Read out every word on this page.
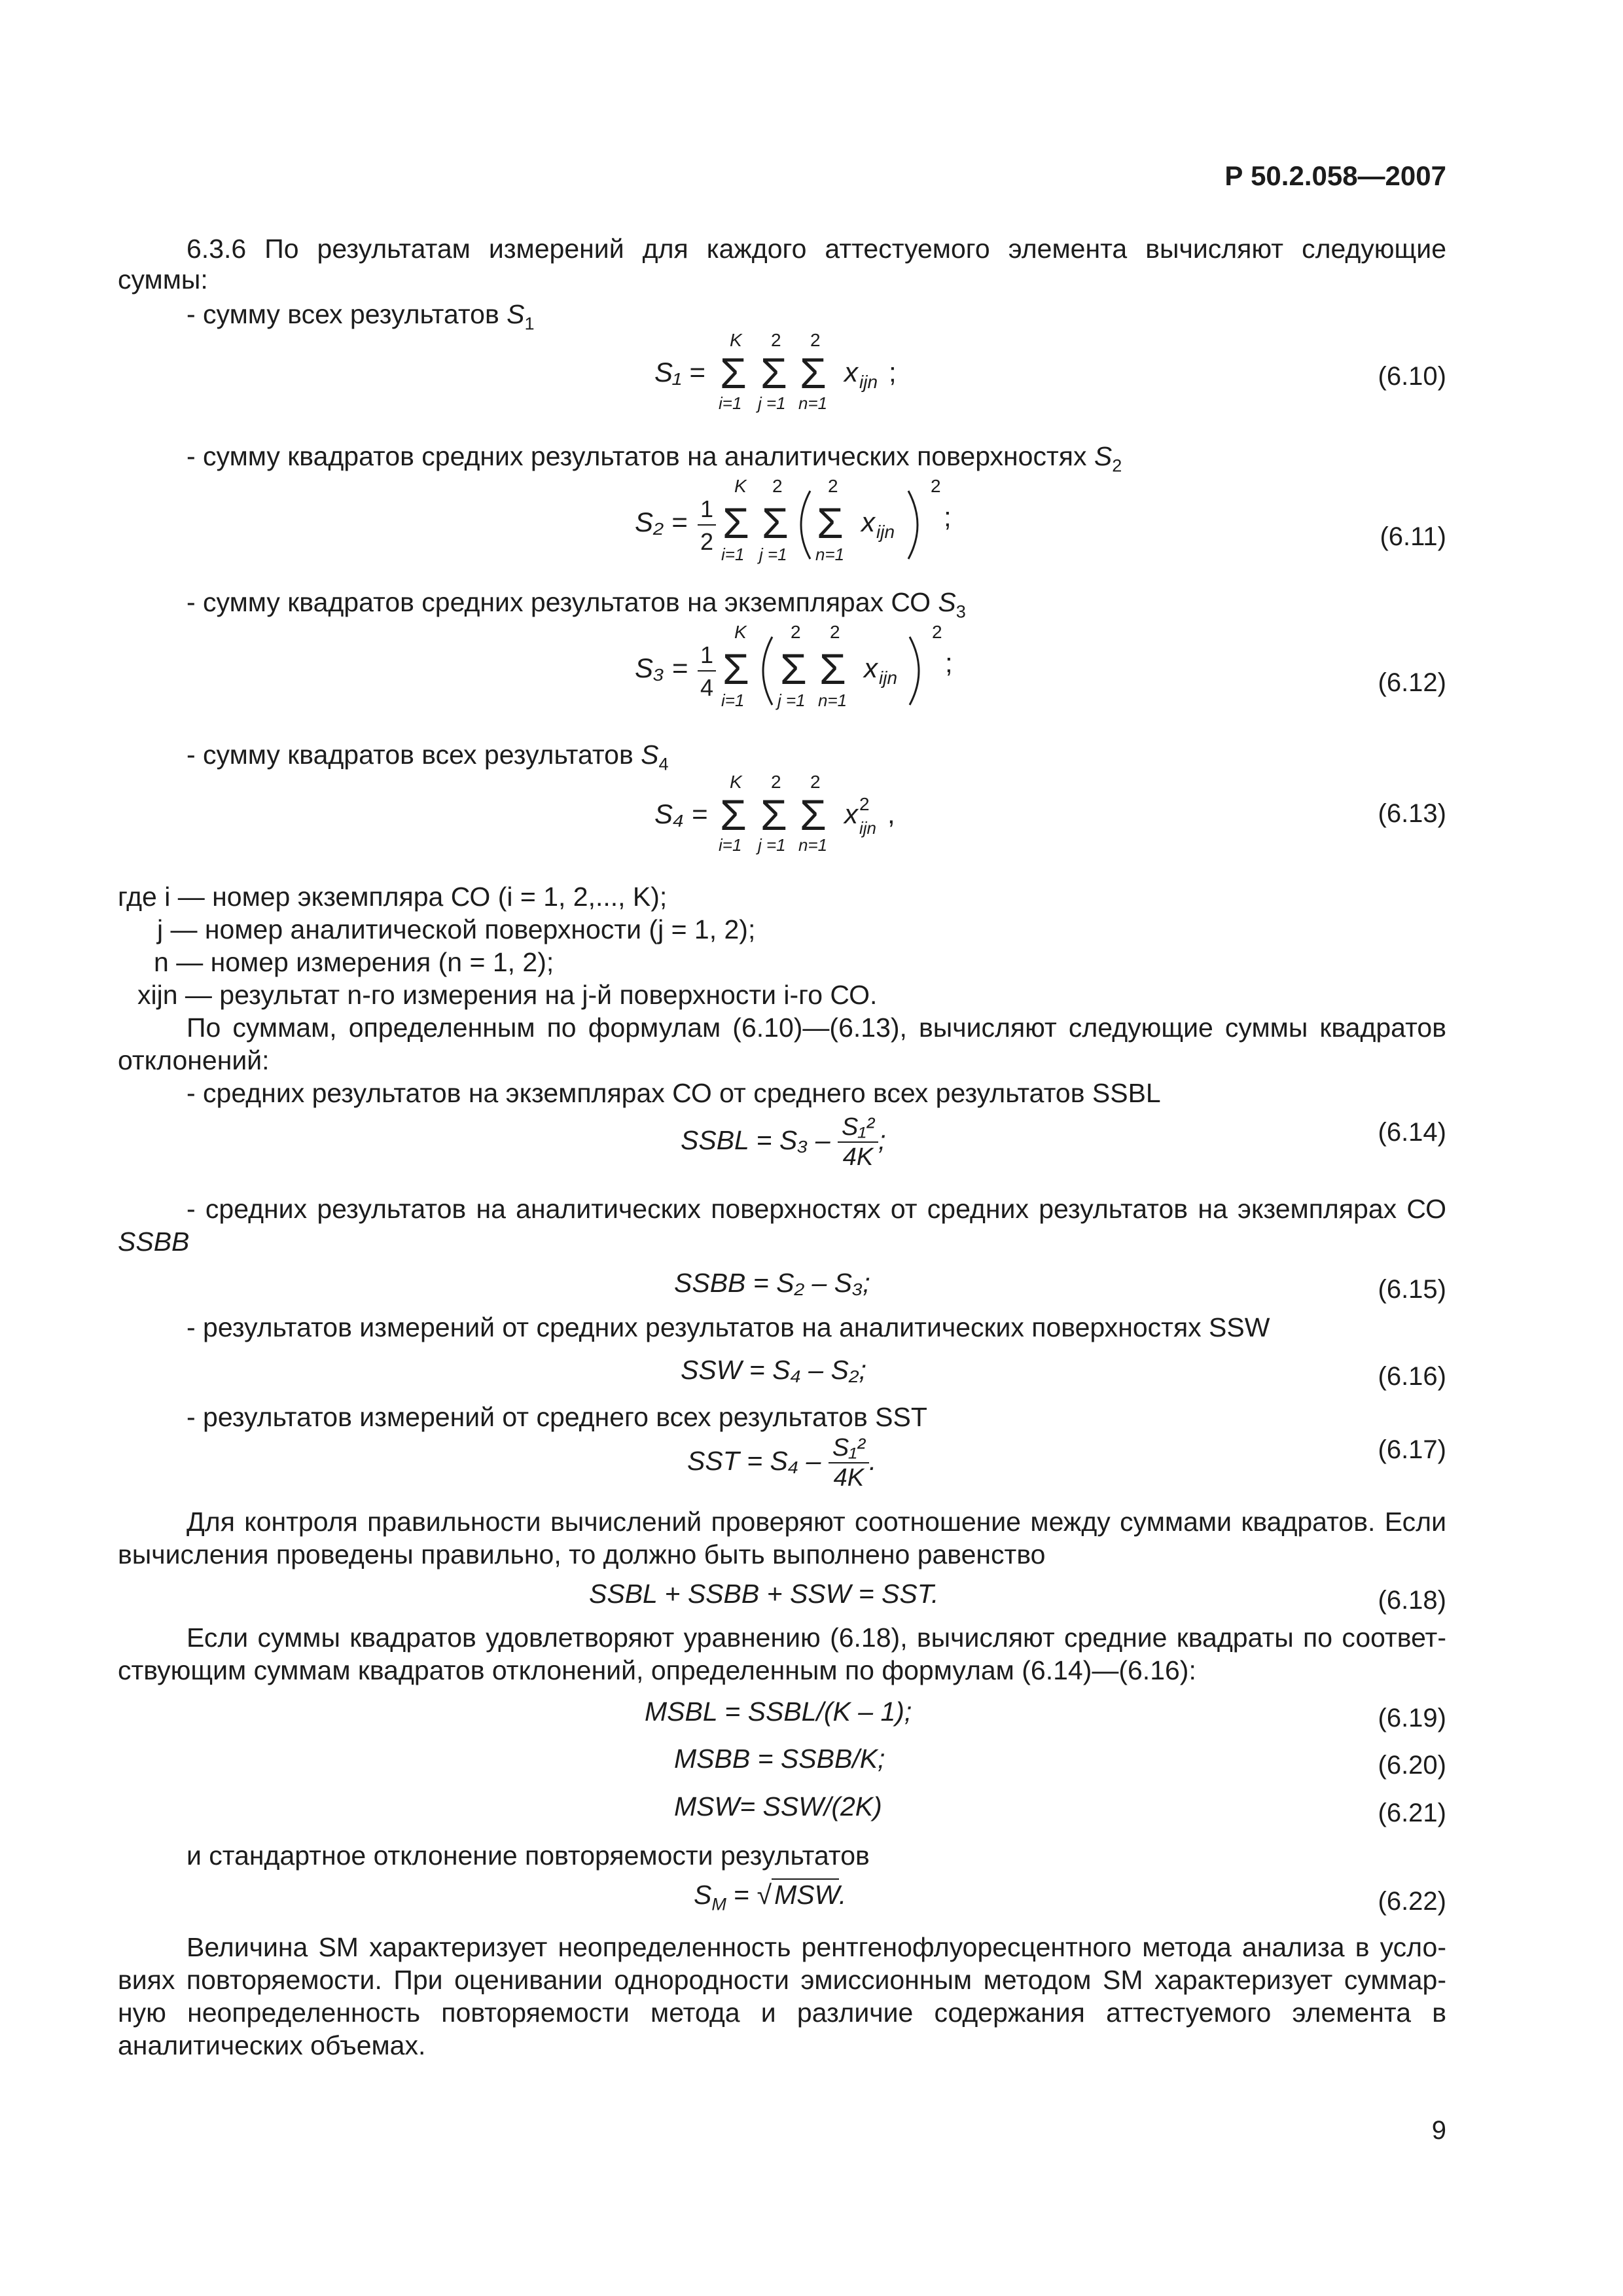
Р 50.2.058—2007
6.3.6 По результатам измерений для каждого аттестуемого элемента вычисляют следующие
суммы:
- сумму всех результатов $S_1$
S₁ =
K
Σ
i=1
2
Σ
j =1
2
Σ
n=1
x ijn ;	(6.10)
- сумму квадратов средних результатов на аналитических поверхностях $S_2$
S₂ = 1
2
K
Σ
i=1
2
Σ
j =1
2
Σ
n=1
x ijn
2
;
(6.11)
- сумму квадратов средних результатов на экземплярах СО $S_3$
S₃ = 1
4
K
Σ
i=1
2
Σ
j =1
2
Σ
n=1
x ijn
2
;
(6.12)
- сумму квадратов всех результатов $S_4$
S₄ =
K
Σ
i=1
2
Σ
j =1
2
Σ
n=1
x 2
ijn ,	(6.13)
где i — номер экземпляра СО (i = 1, 2,..., K);
j — номер аналитической поверхности (j = 1, 2);
n — номер измерения (n = 1, 2);
xijn — результат n-го измерения на j-й поверхности i-го СО.
По суммам, определенным по формулам (6.10)—(6.13), вычисляют следующие суммы квадратов
отклонений:
- средних результатов на экземплярах СО от среднего всех результатов SSBL
SSBL = $S_3 - \frac{\text{S₁²}}{4K}$ ;	(6.14)
- средних результатов на аналитических поверхностях от средних результатов на экземплярах СО
SSBB
SSBB = S₂ – S₃;	(6.15)
- результатов измерений от средних результатов на аналитических поверхностях SSW
SSW = S₄ – S₂;	(6.16)
- результатов измерений от среднего всех результатов SST
SST = $S_4 - \frac{\text{S₁²}}{4K}$ .	(6.17)
Для контроля правильности вычислений проверяют соотношение между суммами квадратов. Если
вычисления проведены правильно, то должно быть выполнено равенство
SSBL + SSBB + SSW = SST.	(6.18)
Если суммы квадратов удовлетворяют уравнению (6.18), вычисляют средние квадраты по соответ-
ствующим суммам квадратов отклонений, определенным по формулам (6.14)—(6.16):
MSBL = SSBL/(K – 1);	(6.19)
MSBB = SSBB/K;	(6.20)
MSW= SSW/(2K)	(6.21)
и стандартное отклонение повторяемости результатов
$S_M = √MSW$.	(6.22)
Величина SM характеризует неопределенность рентгенофлуоресцентного метода анализа в усло-
виях повторяемости. При оценивании однородности эмиссионным методом SM характеризует суммар-
ную неопределенность повторяемости метода и различие содержания аттестуемого элемента в
аналитических объемах.
9
